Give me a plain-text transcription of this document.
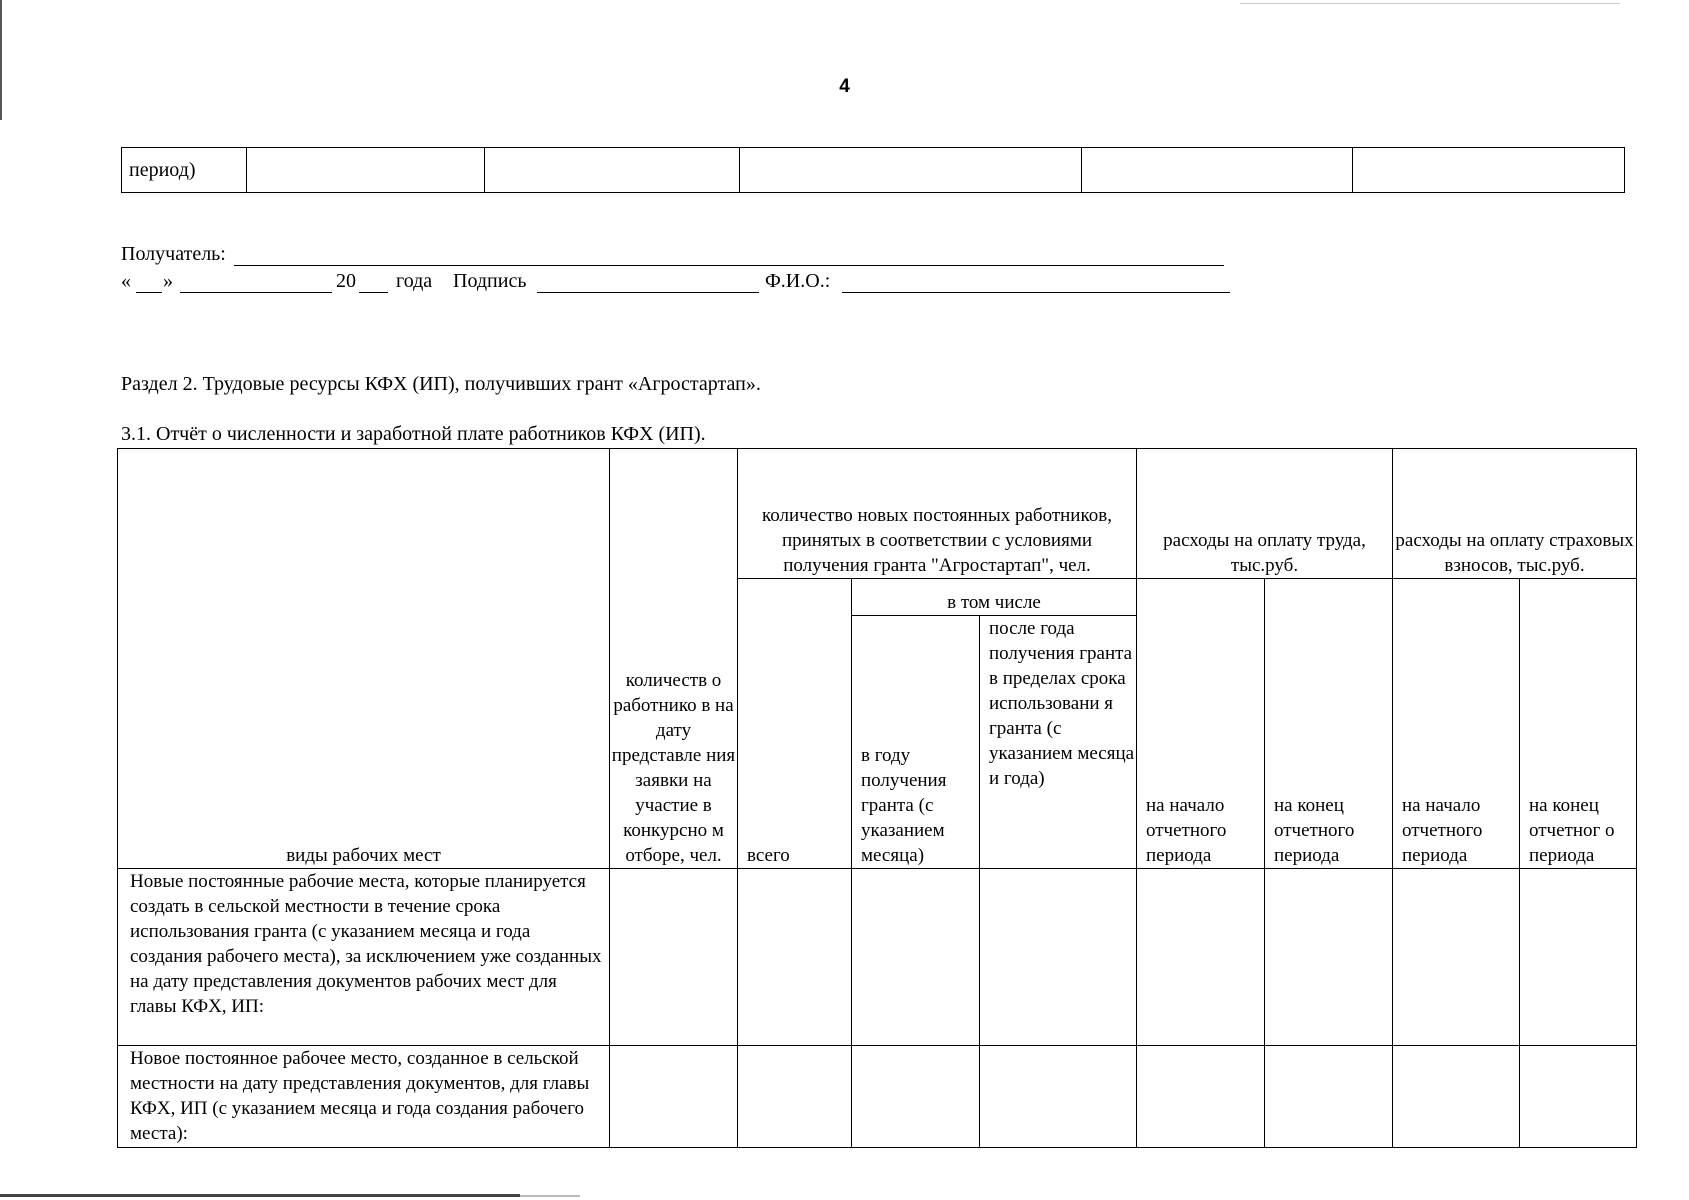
4
период)					
Получатель:
« »	20 года Подпись	Ф.И.О.:
Раздел 2. Трудовые ресурсы КФХ (ИП), получивших грант «Агростартап».
3.1. Отчёт о численности и заработной плате работников КФХ (ИП).
виды рабочих мест	количеств о работнико в на дату представле ния заявки на участие в конкурсно м отборе, чел.	количество новых постоянных работников, принятых в соответствии с условиями получения гранта "Агростартап", чел.			расходы на оплату труда, тыс.руб.		расходы на оплату страховых взносов, тыс.руб.	
		всего	в том числе		на начало отчетного периода	на конец отчетного периода	на начало отчетного периода	на конец отчетног о периода
			в году получения гранта (с указанием месяца)	после года получения гранта в пределах срока использовани я гранта (с указанием месяца и года)				
Новые постоянные рабочие места, которые планируется создать в сельской местности в течение срока использования гранта (с указанием месяца и года создания рабочего места), за исключением уже созданных на дату представления документов рабочих мест для главы КФХ, ИП:								
Новое постоянное рабочее место, созданное в сельской местности на дату представления документов, для главы КФХ, ИП (с указанием месяца и года создания рабочего места):								
